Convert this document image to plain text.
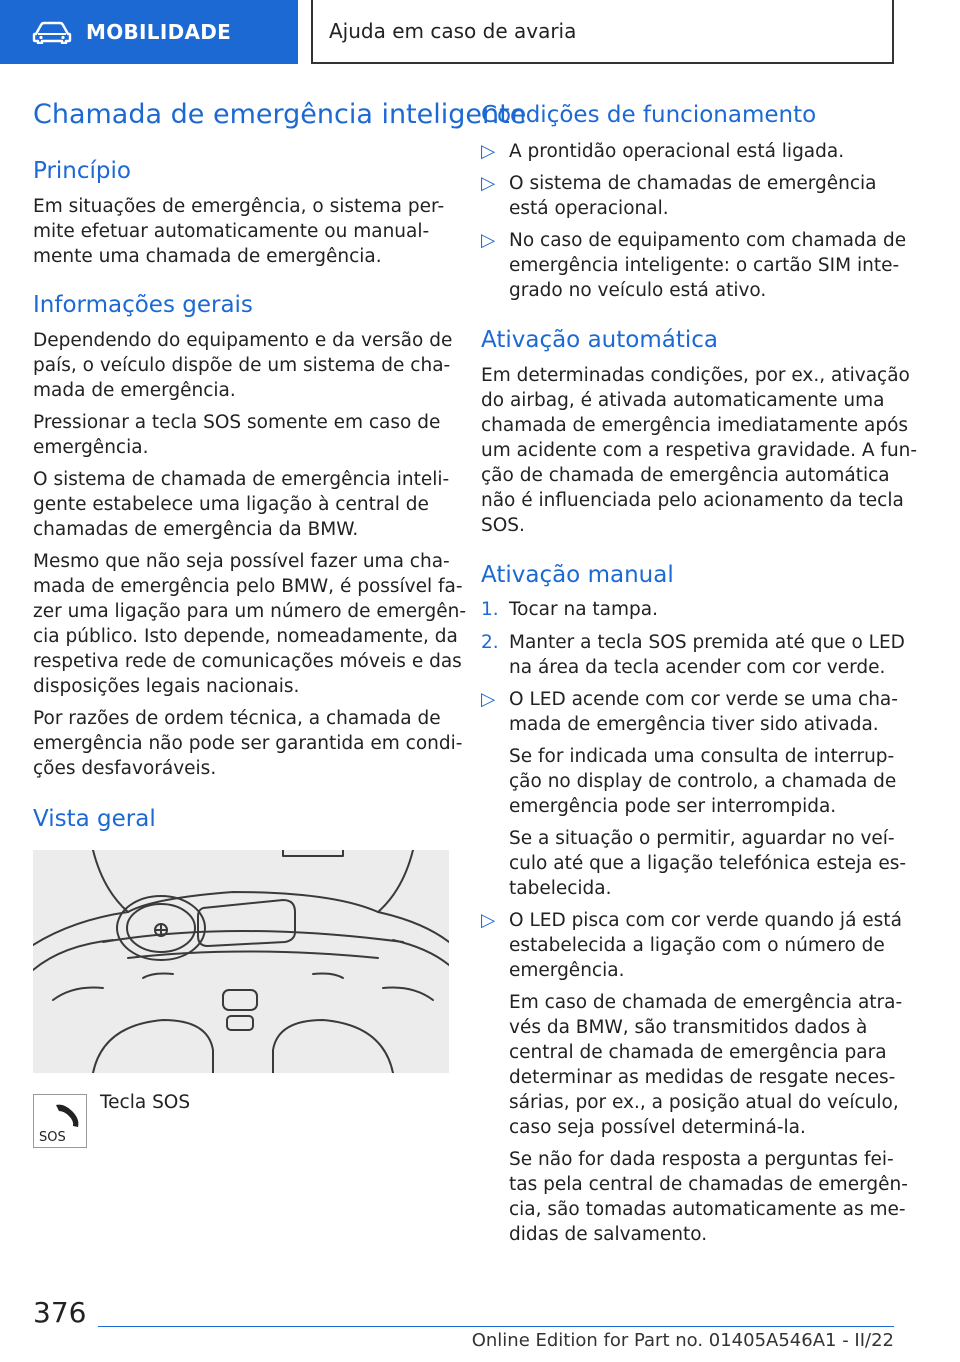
MOBILIDADE	Ajuda em caso de avaria
Chamada de emergência inteligente
Princípio

Em situações de emergência, o sistema per-

mite efetuar automaticamente ou manual-

mente uma chamada de emergência.

Informações gerais

Dependendo do equipamento e da versão de

país, o veículo dispõe de um sistema de cha-

mada de emergência.

Pressionar a tecla SOS somente em caso de

emergência.

O sistema de chamada de emergência inteli-

gente estabelece uma ligação à central de

chamadas de emergência da BMW.

Mesmo que não seja possível fazer uma cha-

mada de emergência pelo BMW, é possível fa-

zer uma ligação para um número de emergên-

cia público. Isto depende, nomeadamente, da

respetiva rede de comunicações móveis e das

disposições legais nacionais.

Por razões de ordem técnica, a chamada de

emergência não pode ser garantida em condi-

ções desfavoráveis.

Vista geral
SOS
Tecla SOS
Condições de funcionamento
▷ A prontidão operacional está ligada.

▷ O sistema de chamadas de emergência

está operacional.

▷ No caso de equipamento com chamada de

emergência inteligente: o cartão SIM inte-

grado no veículo está ativo.

Ativação automática

Em determinadas condições, por ex., ativação

do airbag, é ativada automaticamente uma

chamada de emergência imediatamente após

um acidente com a respetiva gravidade. A fun-

ção de chamada de emergência automática

não é influenciada pelo acionamento da tecla

SOS.

Ativação manual
1. Tocar na tampa.

2. Manter a tecla SOS premida até que o LED

na área da tecla acender com cor verde.

▷ O LED acende com cor verde se uma cha-

mada de emergência tiver sido ativada.

Se for indicada uma consulta de interrup-

ção no display de controlo, a chamada de

emergência pode ser interrompida.

Se a situação o permitir, aguardar no veí-

culo até que a ligação telefónica esteja es-

tabelecida.

▷ O LED pisca com cor verde quando já está

estabelecida a ligação com o número de

emergência.

Em caso de chamada de emergência atra-

vés da BMW, são transmitidos dados à

central de chamada de emergência para

determinar as medidas de resgate neces-

sárias, por ex., a posição atual do veículo,

caso seja possível determiná-la.

Se não for dada resposta a perguntas fei-

tas pela central de chamadas de emergên-

cia, são tomadas automaticamente as me-

didas de salvamento.

376
Online Edition for Part no. 01405A546A1 - II/22
